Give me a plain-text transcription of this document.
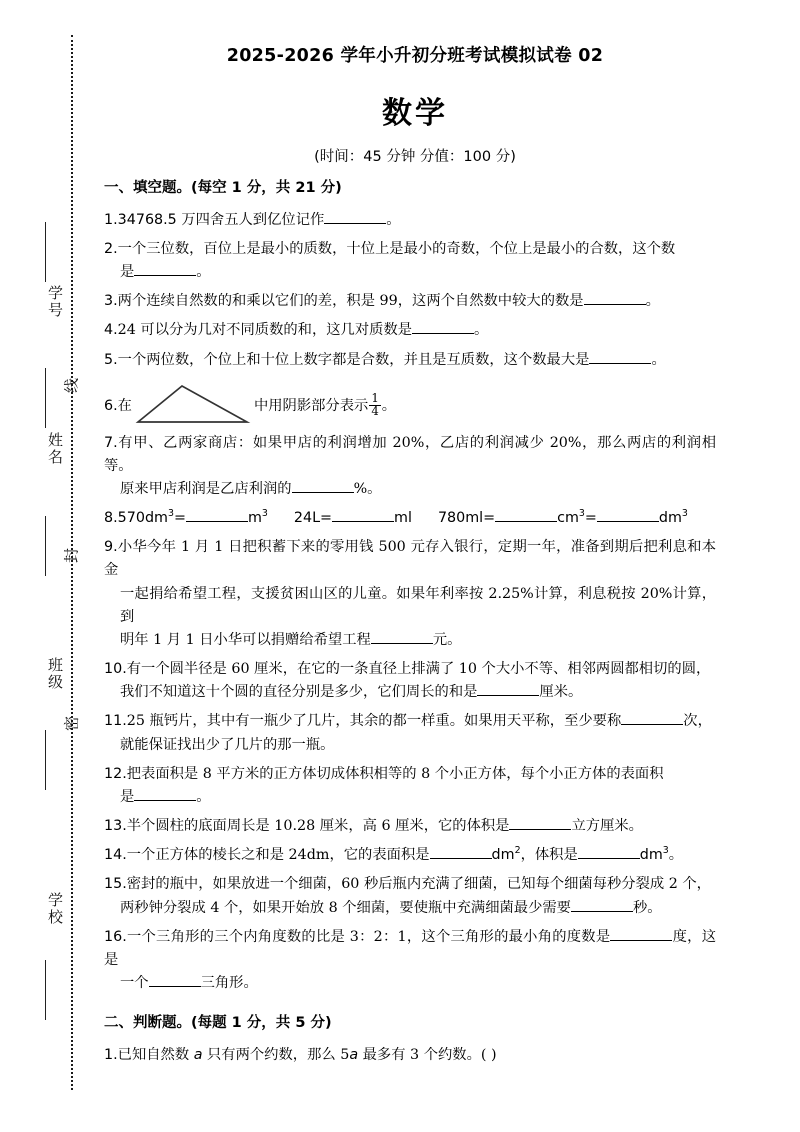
线
封
密
学号
姓名
班级
学校
2025-2026 学年小升初分班考试模拟试卷 02
数学
(时间：45 分钟 分值：100 分)
一、填空题。(每空 1 分，共 21 分)

1.34768.5 万四舍五人到亿位记作	。

2.一个三位数，百位上是最小的质数，十位上是最小的奇数，个位上是最小的合数，这个数
是	。

3.两个连续自然数的和乘以它们的差，积是 99，这两个自然数中较大的数是	。

4.24 可以分为几对不同质数的和，这几对质数是	。

5.一个两位数，个位上和十位上数字都是合数，并且是互质数，这个数最大是	。

6.在	中用阴影部分表示 $\frac{1}{4}$ 。

7.有甲、乙两家商店：如果甲店的利润增加 20%，乙店的利润减少 20%，那么两店的利润相等。
原来甲店利润是乙店利润的	%。

$8.570dm^3=$	$m^3$ 24L=	ml 780ml=	$cm^3=$	$dm^3$

9.小华今年 1 月 1 日把积蓄下来的零用钱 500 元存入银行，定期一年，准备到期后把利息和本金
一起捐给希望工程，支援贫困山区的儿童。如果年利率按 2.25%计算，利息税按 20%计算，到
明年 1 月 1 日小华可以捐赠给希望工程	元。

10.有一个圆半径是 60 厘米，在它的一条直径上排满了 10 个大小不等、相邻两圆都相切的圆，
我们不知道这十个圆的直径分别是多少，它们周长的和是	厘米。

11.25 瓶钙片，其中有一瓶少了几片，其余的都一样重。如果用天平称，至少要称	次，
就能保证找出少了几片的那一瓶。

12.把表面积是 8 平方米的正方体切成体积相等的 8 个小正方体，每个小正方体的表面积
是	。

13.半个圆柱的底面周长是 10.28 厘米，高 6 厘米，它的体积是	立方厘米。

14.一个正方体的棱长之和是 24dm，它的表面积是	$dm^2$，体积是	$dm^3$。

15.密封的瓶中，如果放进一个细菌，60 秒后瓶内充满了细菌，已知每个细菌每秒分裂成 2 个，
两秒钟分裂成 4 个，如果开始放 8 个细菌，要使瓶中充满细菌最少需要	秒。

16.一个三角形的三个内角度数的比是 3：2：1，这个三角形的最小角的度数是	度，这是
一个	三角形。

二、判断题。(每题 1 分，共 5 分)

1.已知自然数 a 只有两个约数，那么 5a 最多有 3 个约数。( )
